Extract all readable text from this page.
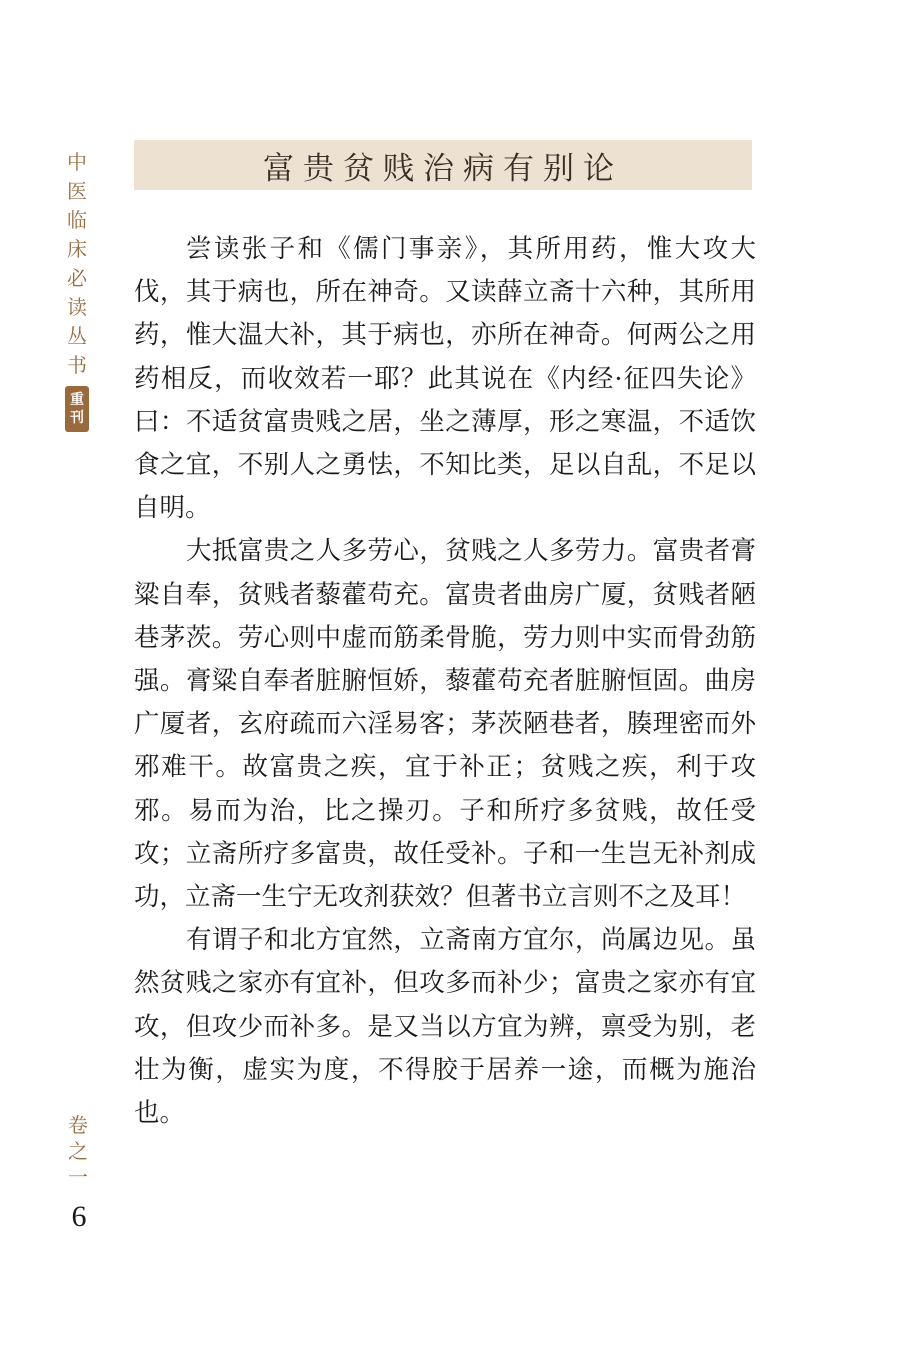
中
医
临
床
必
读
丛
书
重
刊
富贵贫贱治病有别论

尝读张子和《儒门事亲》，其所用药，惟大攻大伐，其于病也，所在神奇。又读薛立斋十六种，其所用药，惟大温大补，其于病也，亦所在神奇。何两公之用药相反，而收效若一耶？此其说在《内经·征四失论》曰：不适贫富贵贱之居，坐之薄厚，形之寒温，不适饮食之宜，不别人之勇怯，不知比类，足以自乱，不足以自明。

大抵富贵之人多劳心，贫贱之人多劳力。富贵者膏粱自奉，贫贱者藜藿苟充。富贵者曲房广厦，贫贱者陋巷茅茨。劳心则中虚而筋柔骨脆，劳力则中实而骨劲筋强。膏粱自奉者脏腑恒娇，藜藿苟充者脏腑恒固。曲房广厦者，玄府疏而六淫易客；茅茨陋巷者，腠理密而外邪难干。故富贵之疾，宜于补正；贫贱之疾，利于攻邪。易而为治，比之操刃。子和所疗多贫贱，故任受攻；立斋所疗多富贵，故任受补。子和一生岂无补剂成功，立斋一生宁无攻剂获效？但著书立言则不之及耳！

有谓子和北方宜然，立斋南方宜尔，尚属边见。虽然贫贱之家亦有宜补，但攻多而补少；富贵之家亦有宜攻，但攻少而补多。是又当以方宜为辨，禀受为别，老壮为衡，虚实为度，不得胶于居养一途，而概为施治也。

卷
之
一
6
